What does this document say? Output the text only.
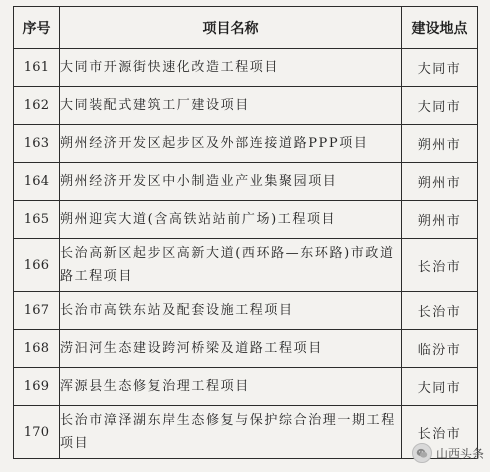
序号	项目名称	建设地点
161	大同市开源街快速化改造工程项目	大同市
162	大同装配式建筑工厂建设项目	大同市
163	朔州经济开发区起步区及外部连接道路PPP项目	朔州市
164	朔州经济开发区中小制造业产业集聚园项目	朔州市
165	朔州迎宾大道(含高铁站站前广场)工程项目	朔州市
166	长治高新区起步区高新大道(西环路—东环路)市政道路工程项目	长治市
167	长治市高铁东站及配套设施工程项目	长治市
168	涝汩河生态建设跨河桥梁及道路工程项目	临汾市
169	浑源县生态修复治理工程项目	大同市
170	长治市漳泽湖东岸生态修复与保护综合治理一期工程项目	长治市
山西头条
